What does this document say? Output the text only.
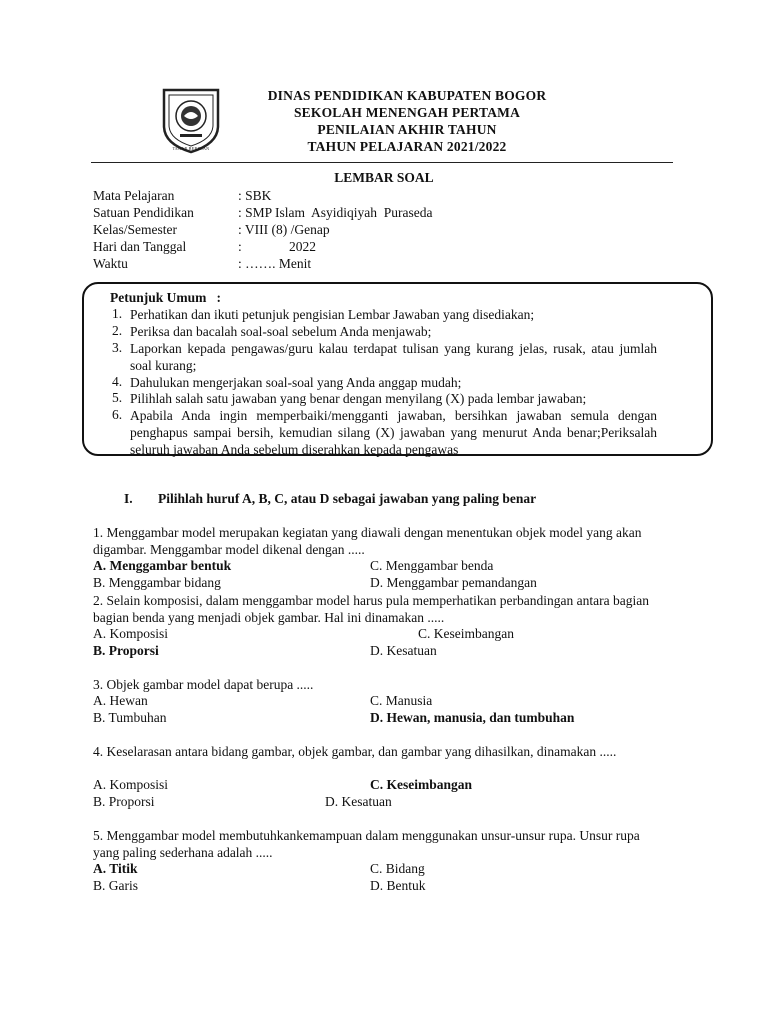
TEGAR BERIMAN
DINAS PENDIDIKAN KABUPATEN BOGOR
SEKOLAH MENENGAH PERTAMA
PENILAIAN AKHIR TAHUN
TAHUN PELAJARAN 2021/2022
LEMBAR SOAL
Mata Pelajaran	: SBK
Satuan Pendidikan	: SMP Islam  Asyidiqiyah  Puraseda
Kelas/Semester	: VIII (8) /Genap
Hari dan Tanggal	:              2022
Waktu	: ……. Menit
Petunjuk Umum   :
1. Perhatikan dan ikuti petunjuk pengisian Lembar Jawaban yang disediakan;
2. Periksa dan bacalah soal-soal sebelum Anda menjawab;
3. Laporkan kepada pengawas/guru kalau terdapat tulisan yang kurang jelas, rusak, atau jumlah soal kurang;
4. Dahulukan mengerjakan soal-soal yang Anda anggap mudah;
5. Pilihlah salah satu jawaban yang benar dengan menyilang (X) pada lembar jawaban;
6. Apabila Anda ingin memperbaiki/mengganti jawaban, bersihkan jawaban semula dengan penghapus sampai bersih, kemudian silang (X) jawaban yang menurut Anda benar;Periksalah seluruh jawaban Anda sebelum diserahkan kepada pengawas
I. Pilihlah huruf A, B, C, atau D sebagai jawaban yang paling benar
1. Menggambar model merupakan kegiatan yang diawali dengan menentukan objek model yang akan digambar. Menggambar model dikenal dengan .....
A. Menggambar bentuk	C. Menggambar benda
B. Menggambar bidang	D. Menggambar pemandangan
2. Selain komposisi, dalam menggambar model harus pula memperhatikan perbandingan antara bagian bagian benda yang menjadi objek gambar. Hal ini dinamakan .....
A. Komposisi	C. Keseimbangan
B. Proporsi	D. Kesatuan
3. Objek gambar model dapat berupa .....
A. Hewan	C. Manusia
B. Tumbuhan	D. Hewan, manusia, dan tumbuhan
4. Keselarasan antara bidang gambar, objek gambar, dan gambar yang dihasilkan, dinamakan .....
A. Komposisi	C. Keseimbangan
B. Proporsi	D. Kesatuan
5. Menggambar model membutuhkankemampuan dalam menggunakan unsur-unsur rupa. Unsur rupa yang paling sederhana adalah .....
A. Titik	C. Bidang
B. Garis	D. Bentuk
